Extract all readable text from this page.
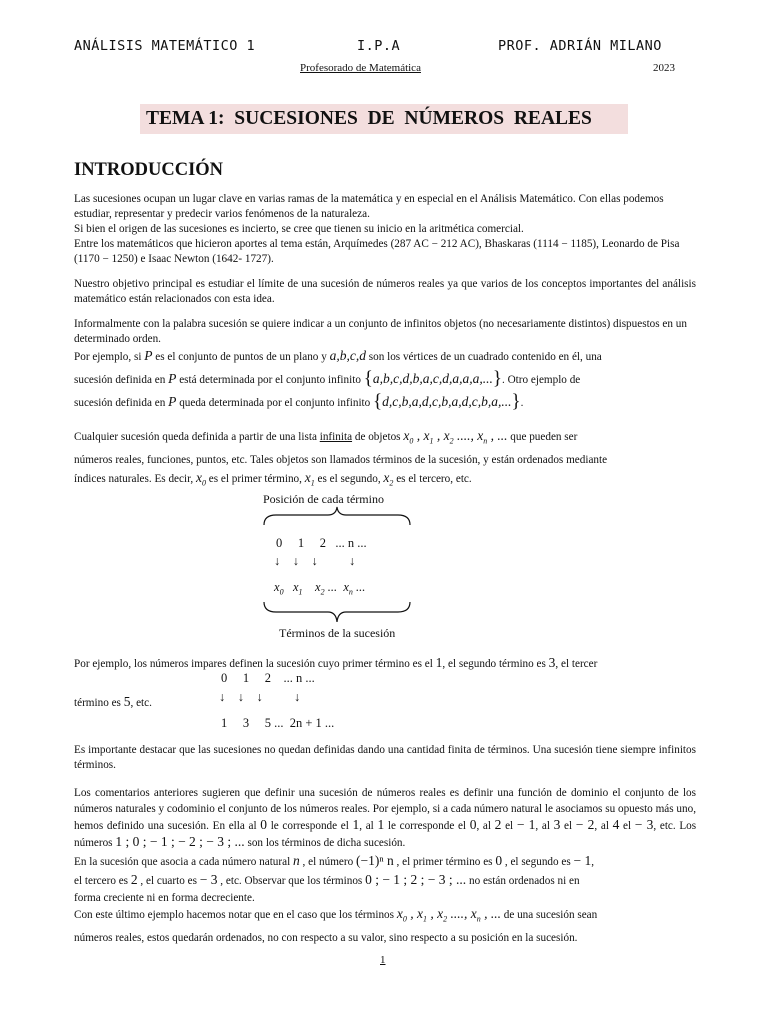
ANÁLISIS MATEMÁTICO 1	I.P.A	PROF. ADRIÁN MILANO
Profesorado de Matemática	2023
TEMA 1:  SUCESIONES  DE  NÚMEROS  REALES
INTRODUCCIÓN
Las sucesiones ocupan un lugar clave en varias ramas de la matemática y en especial en el Análisis Matemático. Con ellas podemos estudiar, representar y predecir varios fenómenos de la naturaleza.
Si bien el origen de las sucesiones es incierto, se cree que tienen su inicio en la aritmética comercial.
Entre los matemáticos que hicieron aportes al tema están, Arquímedes (287 AC − 212 AC), Bhaskaras (1114 − 1185), Leonardo de Pisa (1170 − 1250) e Isaac Newton (1642- 1727).
Nuestro objetivo principal es estudiar el límite de una sucesión de números reales ya que varios de los conceptos importantes del análisis matemático están relacionados con esta idea.
Informalmente con la palabra sucesión se quiere indicar a un conjunto de infinitos objetos (no necesariamente distintos) dispuestos en un determinado orden.
Por ejemplo, si P es el conjunto de puntos de un plano y a,b,c,d son los vértices de un cuadrado contenido en él, una
sucesión definida en P está determinada por el conjunto infinito {a,b,c,d,b,a,c,d,a,a,a,...}. Otro ejemplo de
sucesión definida en P queda determinada por el conjunto infinito {d,c,b,a,d,c,b,a,d,c,b,a,...}.
Cualquier sucesión queda definida a partir de una lista infinita de objetos $x_0$ , $x_1$ , $x_2$ ...., $x_n$ , ... que pueden ser
números reales, funciones, puntos, etc. Tales objetos son llamados términos de la sucesión, y están ordenados mediante
índices naturales. Es decir, $x_0$ es el primer término, $x_1$ es el segundo, $x_2$ es el tercero, etc.
Posición de cada término
0     1     2   ... n ...
↓    ↓    ↓          ↓
$x_0$   $x_1$    $x_2$ ...  $x_n$ ...
Términos de la sucesión
Por ejemplo, los números impares definen la sucesión cuyo primer término es el 1, el segundo término es 3, el tercer
0     1     2    ... n ...
término es 5, etc.	↓    ↓    ↓          ↓
1     3     5 ...  2n + 1 ...
Es importante destacar que las sucesiones no quedan definidas dando una cantidad finita de términos. Una sucesión tiene siempre infinitos términos.
Los comentarios anteriores sugieren que definir una sucesión de números reales es definir una función de dominio el conjunto de los números naturales y codominio el conjunto de los números reales. Por ejemplo, si a cada número natural le asociamos su opuesto más uno, hemos definido una sucesión. En ella al 0 le corresponde el 1, al 1 le corresponde el 0, al 2 el − 1, al 3 el − 2, al 4 el − 3, etc. Los números 1 ; 0 ; − 1 ; − 2 ; − 3 ; ... son los términos de dicha sucesión.
En la sucesión que asocia a cada número natural n , el número (−1)ⁿ n , el primer término es 0 , el segundo es − 1,
el tercero es 2 , el cuarto es − 3 , etc. Observar que los términos 0 ; − 1 ; 2 ; − 3 ; ... no están ordenados ni en
forma creciente ni en forma decreciente.
Con este último ejemplo hacemos notar que en el caso que los términos $x_0$ , $x_1$ , $x_2$ ...., $x_n$ , ... de una sucesión sean
números reales, estos quedarán ordenados, no con respecto a su valor, sino respecto a su posición en la sucesión.
1
